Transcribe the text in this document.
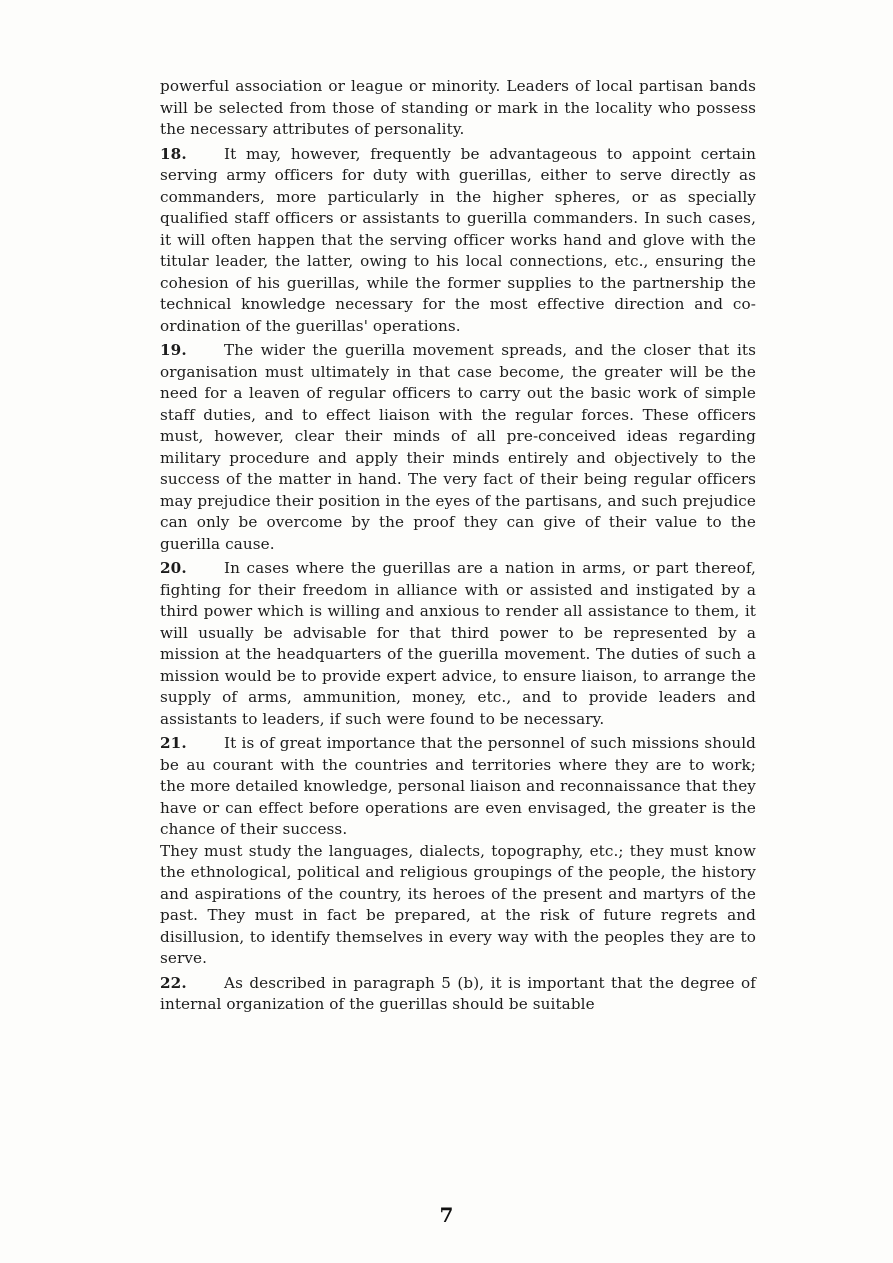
powerful association or league or minority. Leaders of local partisan bands will be selected from those of standing or mark in the locality who possess the necessary attributes of personality.

18. It may, however, frequently be advantageous to appoint certain serving army officers for duty with guerillas, either to serve directly as commanders, more particularly in the higher spheres, or as specially qualified staff officers or assistants to guerilla commanders. In such cases, it will often happen that the serving officer works hand and glove with the titular leader, the latter, owing to his local connections, etc., ensuring the cohesion of his guerillas, while the former supplies to the partnership the technical knowledge necessary for the most effective direction and co-ordination of the guerillas' operations.

19. The wider the guerilla movement spreads, and the closer that its organisation must ultimately in that case become, the greater will be the need for a leaven of regular officers to carry out the basic work of simple staff duties, and to effect liaison with the regular forces. These officers must, however, clear their minds of all pre-conceived ideas regarding military procedure and apply their minds entirely and objectively to the success of the matter in hand. The very fact of their being regular officers may prejudice their position in the eyes of the partisans, and such prejudice can only be overcome by the proof they can give of their value to the guerilla cause.

20. In cases where the guerillas are a nation in arms, or part thereof, fighting for their freedom in alliance with or assisted and instigated by a third power which is willing and anxious to render all assistance to them, it will usually be advisable for that third power to be represented by a mission at the headquarters of the guerilla movement. The duties of such a mission would be to provide expert advice, to ensure liaison, to arrange the supply of arms, ammunition, money, etc., and to provide leaders and assistants to leaders, if such were found to be necessary.

21. It is of great importance that the personnel of such missions should be au courant with the countries and territories where they are to work; the more detailed knowledge, personal liaison and reconnaissance that they have or can effect before operations are even envisaged, the greater is the chance of their success.

They must study the languages, dialects, topography, etc.; they must know the ethnological, political and religious groupings of the people, the history and aspirations of the country, its heroes of the present and martyrs of the past. They must in fact be prepared, at the risk of future regrets and disillusion, to identify themselves in every way with the peoples they are to serve.

22. As described in paragraph 5 (b), it is important that the degree of internal organization of the guerillas should be suitable

7
